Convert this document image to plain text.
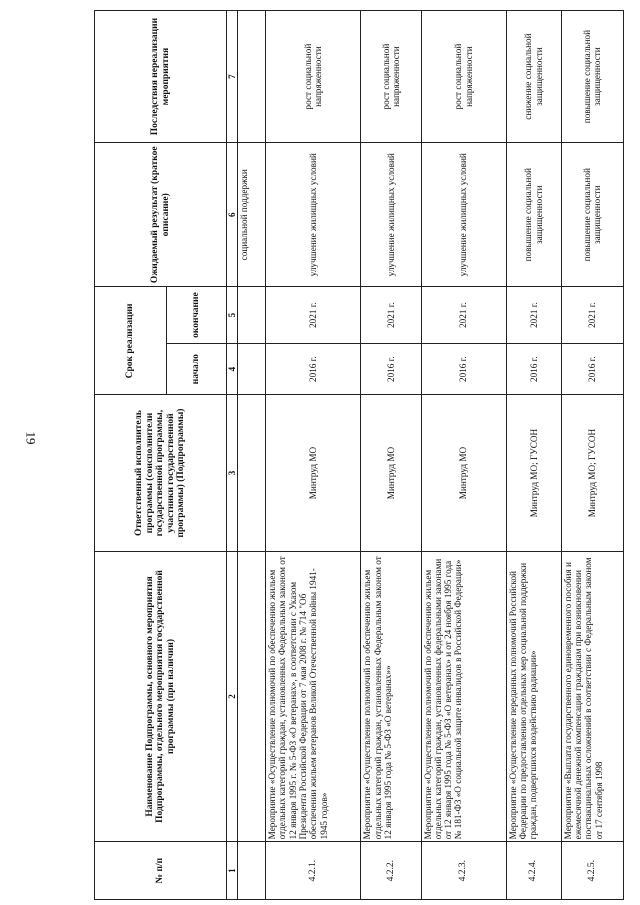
19
№ п/п	Наименование Подпрограммы, основного мероприятия Подпрограммы, отдельного мероприятия государственной программы (при наличии)	Ответственный исполнитель программы (соисполнители государственной программы, участники государственной программы) (Подпрограммы)	Срок реализации		Ожидаемый результат (краткое описание)	Последствия нереализации мероприятия
			начало	окончание		
1	2	3	4	5	6	7
					социальной поддержки	
4.2.1.	Мероприятие «Осуществление полномочий по обеспечению жильем отдельных категорий граждан, установленных Федеральным законом от 12 января 1995 г. № 5-ФЗ «О ветеранах», в соответствии с Указом Президента Российской Федерации от 7 мая 2008 г. № 714 "Об обеспечении жильем ветеранов Великой Отечественной войны 1941-1945 годов»	Минтруд МО	2016 г.	2021 г.	улучшение жилищных условий	рост социальной напряженности
4.2.2.	Мероприятие «Осуществление полномочий по обеспечению жильем отдельных категорий граждан, установленных Федеральным законом от 12 января 1995 года № 5-ФЗ «О ветеранах»»	Минтруд МО	2016 г.	2021 г.	улучшение жилищных условий	рост социальной напряженности
4.2.3.	Мероприятие «Осуществление полномочий по обеспечению жильем отдельных категорий граждан, установленных федеральными законами от 12 января 1995 года № 5-ФЗ «О ветеранах» и от 24 ноября 1995 года № 181-ФЗ «О социальной защите инвалидов в Российской Федерации»	Минтруд МО	2016 г.	2021 г.	улучшение жилищных условий	рост социальной напряженности
4.2.4.	Мероприятие «Осуществление переданных полномочий Российской Федерации по предоставлению отдельных мер социальной поддержки граждан, подвергшихся воздействию радиации»	Минтруд МО; ГУСОН	2016 г.	2021 г.	повышение социальной защищенности	снижение социальной защищенности
4.2.5.	Мероприятие «Выплата государственного единовременного пособия и ежемесячной денежной компенсации гражданам при возникновении поствакцинальных осложнений в соответствии с Федеральным законом от 17 сентября 1998	Минтруд МО; ГУСОН	2016 г.	2021 г.	повышение социальной защищенности	повышение социальной защищенности
